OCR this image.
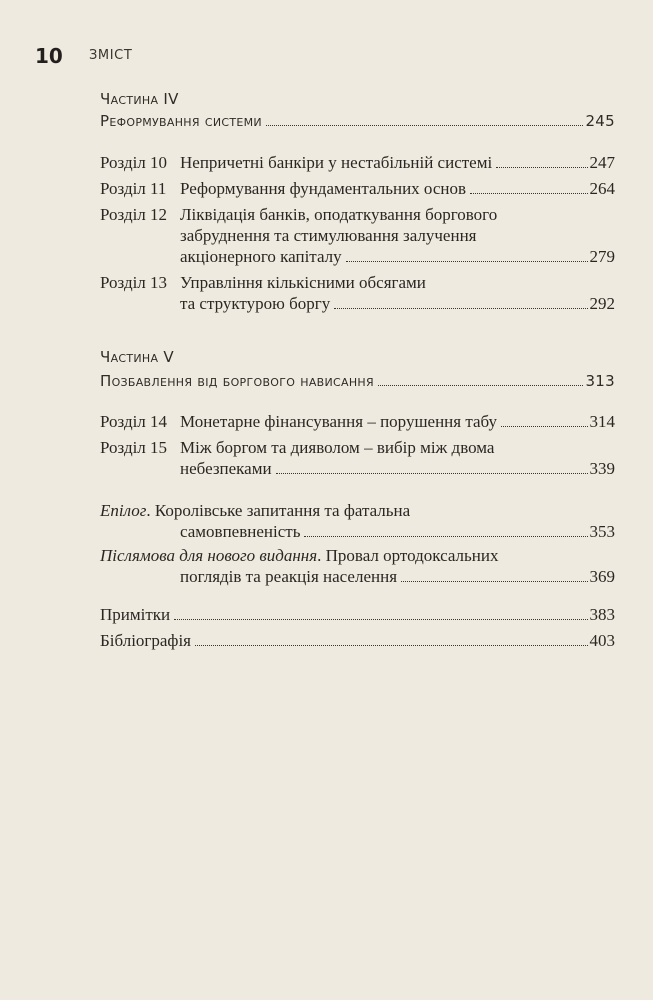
10 ЗМІСТ
Частина IV
Реформування системи	245
Розділ 10 Непричетні банкіри у нестабільній системі	247
Розділ 11 Реформування фундаментальних основ	264
Розділ 12 Ліквідація банків, оподаткування боргового
забруднення та стимулювання залучення
акціонерного капіталу	279
Розділ 13 Управління кількісними обсягами
та структурою боргу	292
Частина V
Позбавлення від боргового нависання	313
Розділ 14 Монетарне фінансування – порушення табу	314
Розділ 15 Між боргом та дияволом – вибір між двома
небезпеками	339
Епілог . Королівське запитання та фатальна
самовпевненість	353
Післямова для нового видання . Провал ортодоксальних
поглядів та реакція населення	369
Примітки	383
Бібліографія	403
